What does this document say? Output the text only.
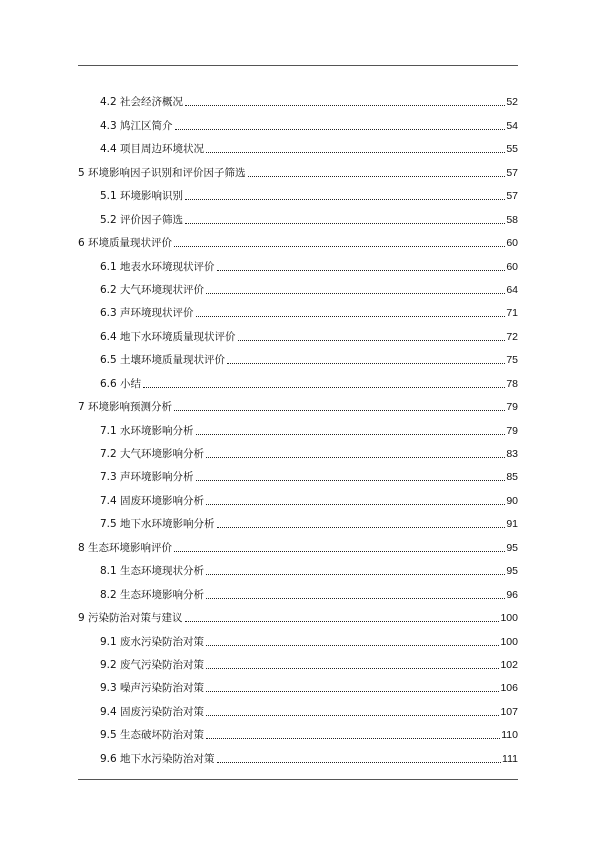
4.2 社会经济概况	52
4.3 鸠江区简介	54
4.4 项目周边环境状况	55
5 环境影响因子识别和评价因子筛选	57
5.1 环境影响识别	57
5.2 评价因子筛选	58
6 环境质量现状评价	60
6.1 地表水环境现状评价	60
6.2 大气环境现状评价	64
6.3 声环境现状评价	71
6.4 地下水环境质量现状评价	72
6.5 土壤环境质量现状评价	75
6.6 小结	78
7 环境影响预测分析	79
7.1 水环境影响分析	79
7.2 大气环境影响分析	83
7.3 声环境影响分析	85
7.4 固废环境影响分析	90
7.5 地下水环境影响分析	91
8 生态环境影响评价	95
8.1 生态环境现状分析	95
8.2 生态环境影响分析	96
9 污染防治对策与建议	100
9.1 废水污染防治对策	100
9.2 废气污染防治对策	102
9.3 噪声污染防治对策	106
9.4 固废污染防治对策	107
9.5 生态破坏防治对策	110
9.6 地下水污染防治对策	111
